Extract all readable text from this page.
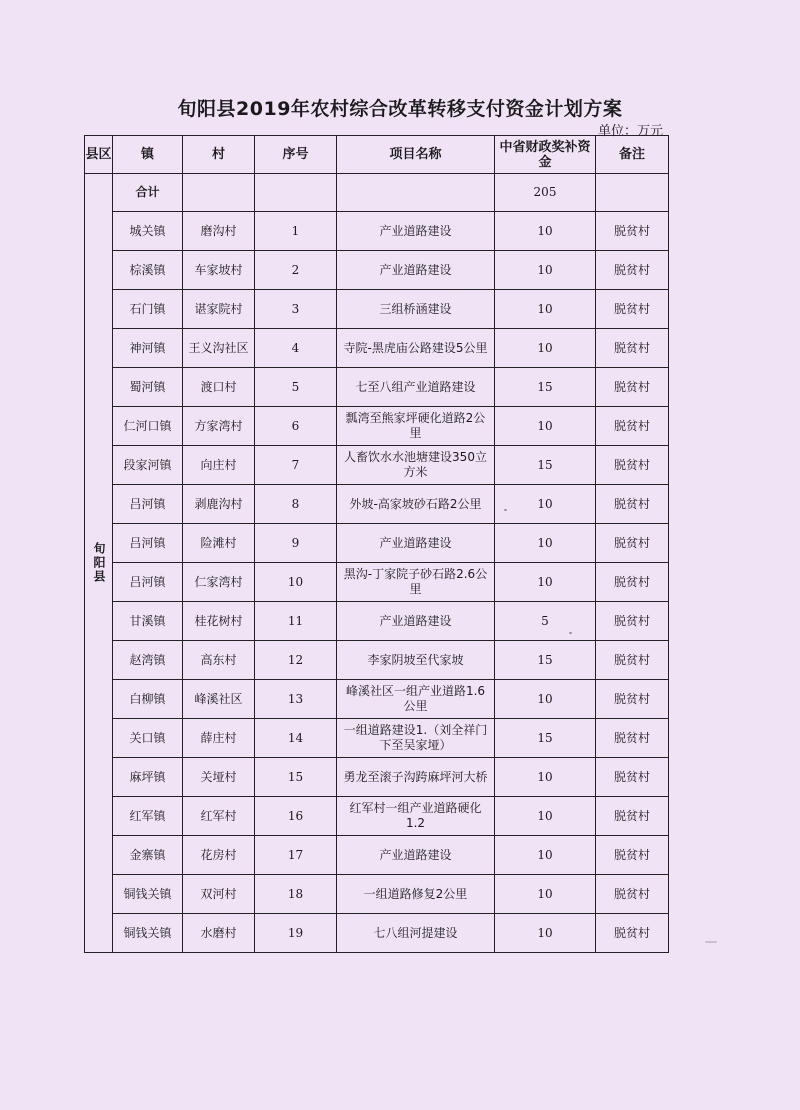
旬阳县2019年农村综合改革转移支付资金计划方案
单位：万元
县区	镇	村	序号	项目名称	中省财政奖补资金	备注
旬阳县	合计				205	
	城关镇	磨沟村	1	产业道路建设	10	脱贫村
	棕溪镇	车家坡村	2	产业道路建设	10	脱贫村
	石门镇	谌家院村	3	三组桥涵建设	10	脱贫村
	神河镇	王义沟社区	4	寺院-黑虎庙公路建设5公里	10	脱贫村
	蜀河镇	渡口村	5	七至八组产业道路建设	15	脱贫村
	仁河口镇	方家湾村	6	瓢湾至熊家坪硬化道路2公里	10	脱贫村
	段家河镇	向庄村	7	人畜饮水水池塘建设350立方米	15	脱贫村
	吕河镇	剥鹿沟村	8	外坡-高家坡砂石路2公里	10	脱贫村
	吕河镇	险滩村	9	产业道路建设	10	脱贫村
	吕河镇	仁家湾村	10	黑沟-丁家院子砂石路2.6公里	10	脱贫村
	甘溪镇	桂花树村	11	产业道路建设	5	脱贫村
	赵湾镇	高东村	12	李家阴坡至代家坡	15	脱贫村
	白柳镇	峰溪社区	13	峰溪社区一组产业道路1.6公里	10	脱贫村
	关口镇	薛庄村	14	一组道路建设1.（刘全祥门下至吴家垭）	15	脱贫村
	麻坪镇	关垭村	15	勇龙至滚子沟跨麻坪河大桥	10	脱贫村
	红军镇	红军村	16	红军村一组产业道路硬化1.2	10	脱贫村
	金寨镇	花房村	17	产业道路建设	10	脱贫村
	铜钱关镇	双河村	18	一组道路修复2公里	10	脱贫村
	铜钱关镇	水磨村	19	七八组河提建设	10	脱贫村
